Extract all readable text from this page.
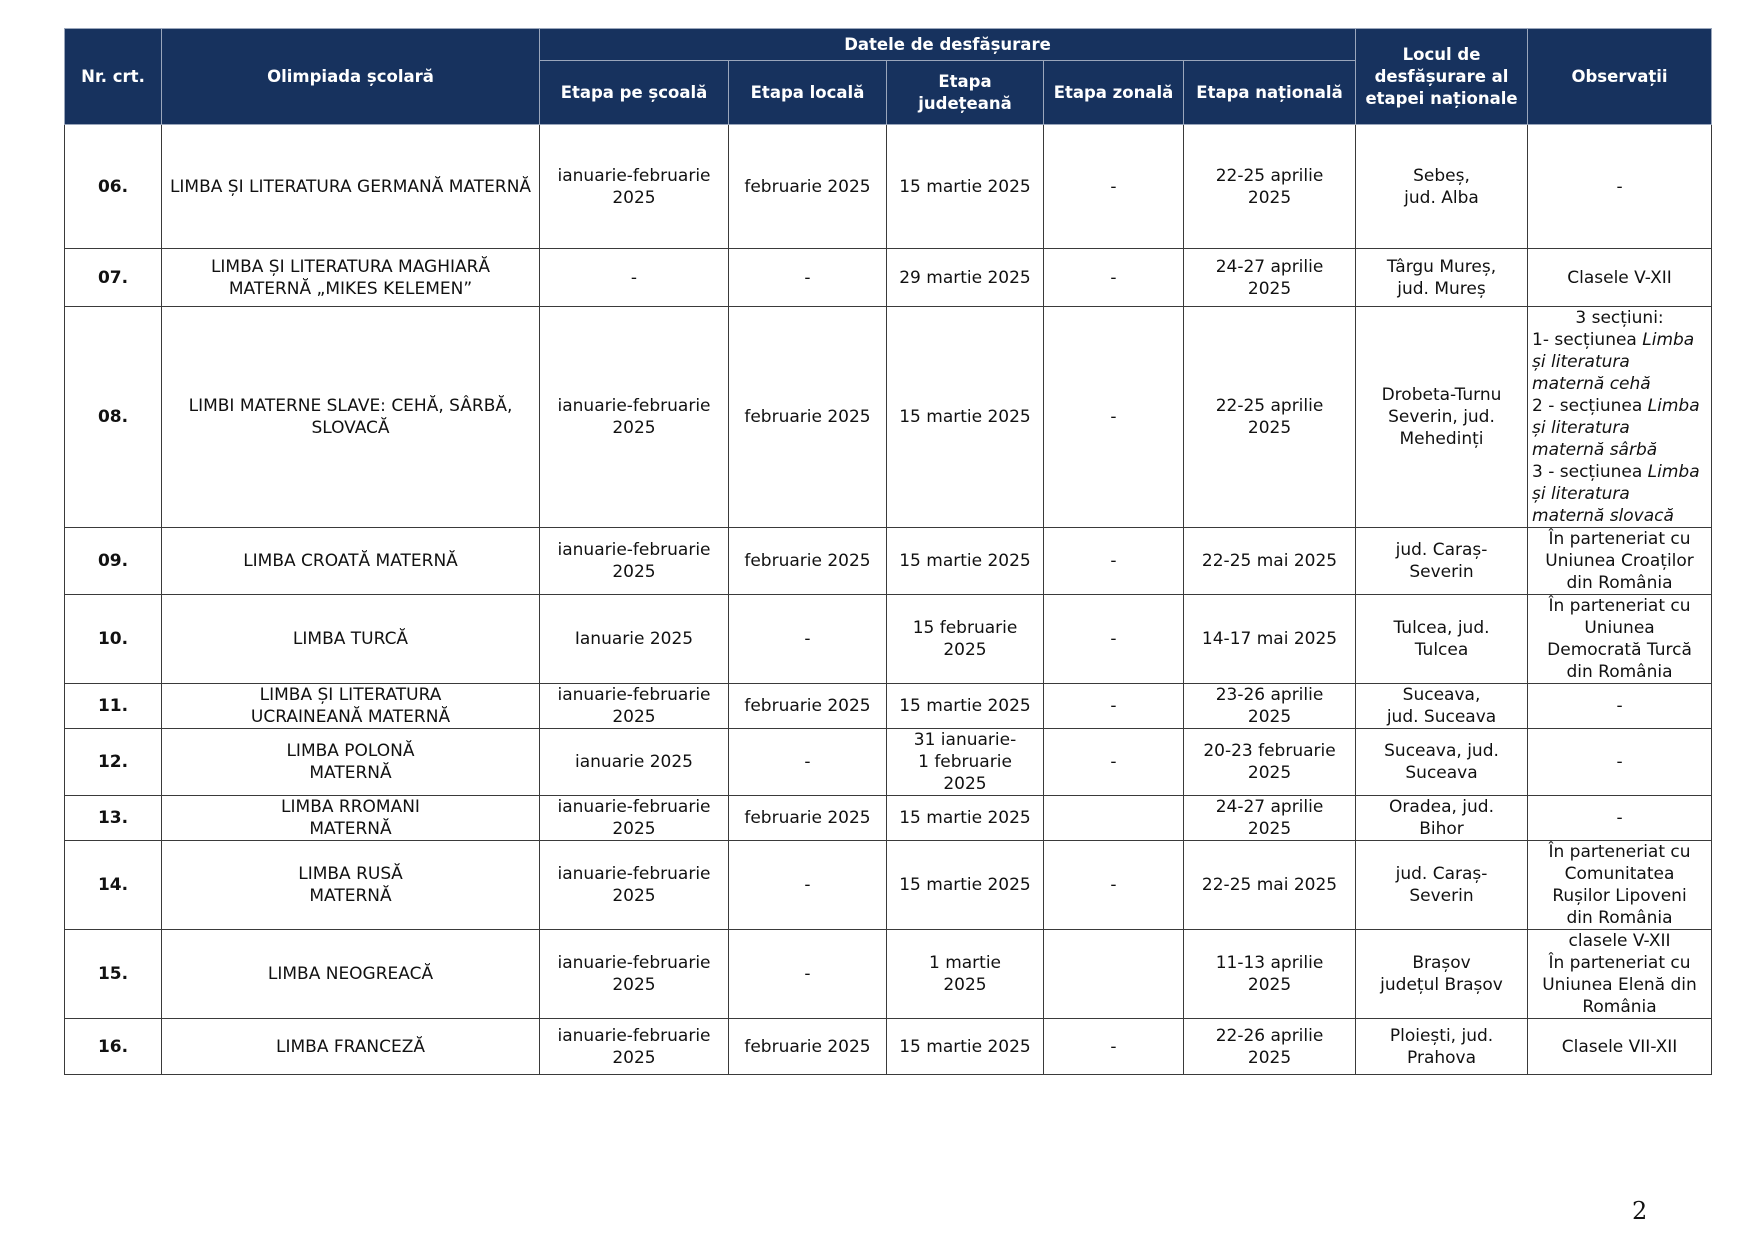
Nr. crt.	Olimpiada școlară	Datele de desfășurare					Locul de
desfășurare al
etapei naționale	Observații
		Etapa pe școală	Etapa locală	Etapa
județeană	Etapa zonală	Etapa națională		

06.	LIMBA ȘI LITERATURA GERMANĂ MATERNĂ	ianuarie-februarie
2025	februarie 2025	15 martie 2025	-	22-25 aprilie
2025	Sebeș,
jud. Alba	-

07.	LIMBA ȘI LITERATURA MAGHIARĂ
MATERNĂ „MIKES KELEMEN”	-	-	29 martie 2025	-	24-27 aprilie
2025	Târgu Mureș,
jud. Mureș	Clasele V-XII

08.	LIMBI MATERNE SLAVE: CEHĂ, SÂRBĂ,
SLOVACĂ	ianuarie-februarie
2025	februarie 2025	15 martie 2025	-	22-25 aprilie
2025	Drobeta-Turnu
Severin, jud.
Mehedinți	3 secțiuni:
1- secțiunea Limba și literatura maternă cehă
2 - secțiunea Limba și literatura maternă sârbă
3 - secțiunea Limba și literatura maternă slovacă

09.	LIMBA CROATĂ MATERNĂ	ianuarie-februarie
2025	februarie 2025	15 martie 2025	-	22-25 mai 2025	jud. Caraș-
Severin	În parteneriat cu
Uniunea Croaților
din România

10.	LIMBA TURCĂ	Ianuarie 2025	-	15 februarie
2025	-	14-17 mai 2025	Tulcea, jud.
Tulcea	În parteneriat cu
Uniunea
Democrată Turcă
din România

11.	LIMBA ȘI LITERATURA
UCRAINEANĂ MATERNĂ	ianuarie-februarie
2025	februarie 2025	15 martie 2025	-	23-26 aprilie
2025	Suceava,
jud. Suceava	-

12.	LIMBA POLONĂ
MATERNĂ	ianuarie 2025	-	31 ianuarie-
1 februarie
2025	-	20-23 februarie
2025	Suceava, jud.
Suceava	-

13.	LIMBA RROMANI
MATERNĂ	ianuarie-februarie
2025	februarie 2025	15 martie 2025		24-27 aprilie
2025	Oradea, jud.
Bihor	-

14.	LIMBA RUSĂ
MATERNĂ	ianuarie-februarie
2025	-	15 martie 2025	-	22-25 mai 2025	jud. Caraș-
Severin	În parteneriat cu
Comunitatea
Rușilor Lipoveni
din România

15.	LIMBA NEOGREACĂ	ianuarie-februarie
2025	-	1 martie
2025		11-13 aprilie
2025	Brașov
județul Brașov	clasele V-XII
În parteneriat cu
Uniunea Elenă din
România

16.	LIMBA FRANCEZĂ	ianuarie-februarie
2025	februarie 2025	15 martie 2025	-	22-26 aprilie
2025	Ploiești, jud.
Prahova	Clasele VII-XII
2
